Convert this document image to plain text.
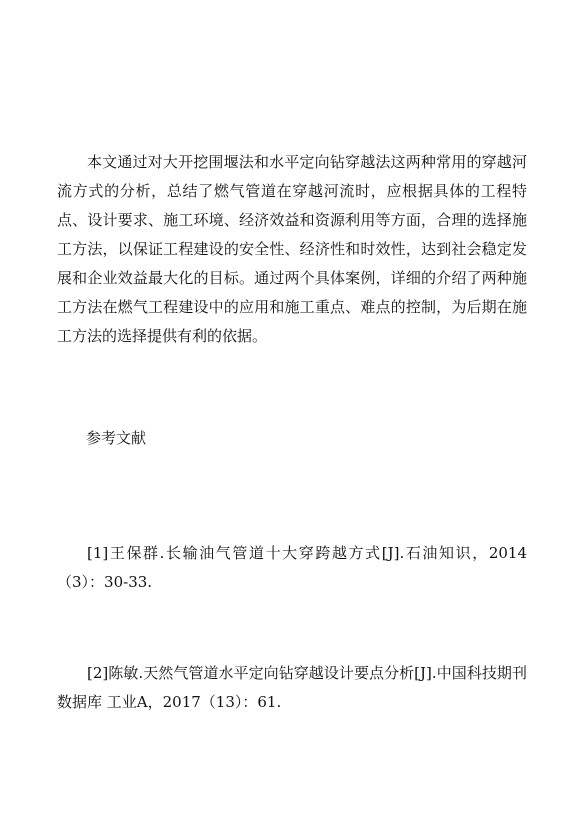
本文通过对大开挖围堰法和水平定向钻穿越法这两种常用的穿越河流方式的分析，总结了燃气管道在穿越河流时，应根据具体的工程特点、设计要求、施工环境、经济效益和资源利用等方面，合理的选择施工方法，以保证工程建设的安全性、经济性和时效性，达到社会稳定发展和企业效益最大化的目标。通过两个具体案例，详细的介绍了两种施工方法在燃气工程建设中的应用和施工重点、难点的控制，为后期在施工方法的选择提供有利的依据。

参考文献

[1]王保群.长输油气管道十大穿跨越方式[J].石油知识，2014（3）：30-33.

[2]陈敏.天然气管道水平定向钻穿越设计要点分析[J].中国科技期刊数据库 工业A，2017（13）：61.
